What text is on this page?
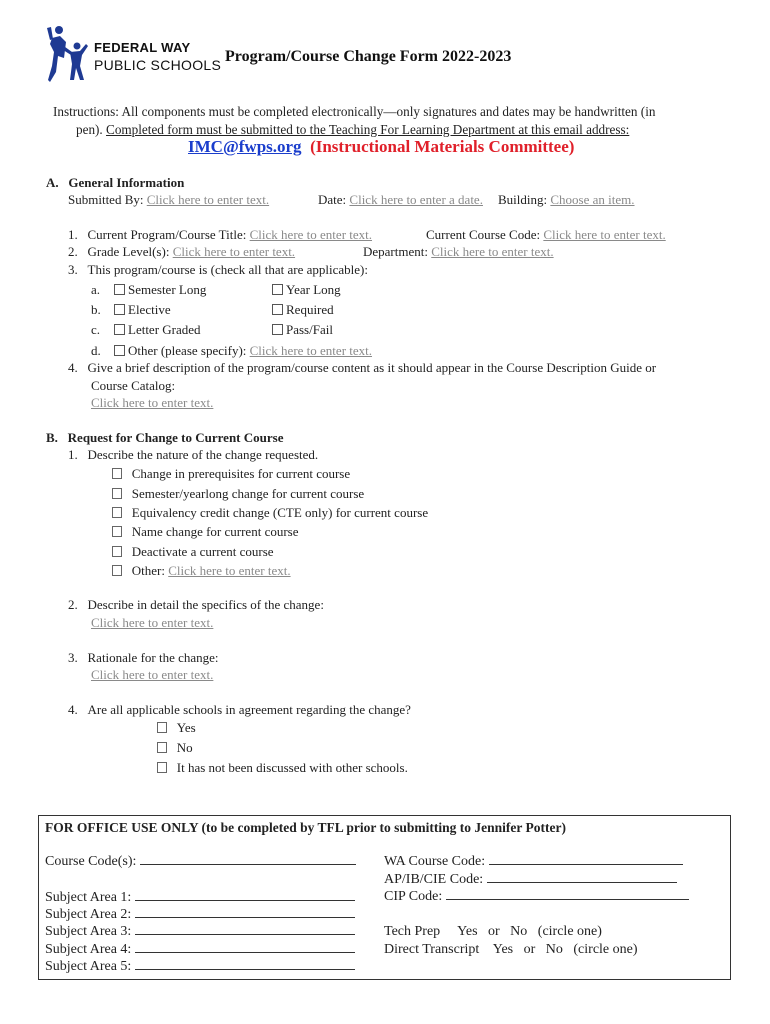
FEDERAL WAY
PUBLIC SCHOOLS Program/Course Change Form 2022-2023
Instructions: All components must be completed electronically—only signatures and dates may be handwritten (in
pen). Completed form must be submitted to the Teaching For Learning Department at this email address:
IMC@fwps.org (Instructional Materials Committee)
A. General Information
Submitted By: Click here to enter text.	Date: Click here to enter a date. Building: Choose an item.
1. Current Program/Course Title: Click here to enter text.	Current Course Code: Click here to enter text.
2. Grade Level(s): Click here to enter text.	Department: Click here to enter text.
3. This program/course is (check all that are applicable):
a.	Semester Long	Year Long
b.	Elective	Required
c.	Letter Graded	Pass/Fail
d.	Other (please specify): Click here to enter text.
4. Give a brief description of the program/course content as it should appear in the Course Description Guide or
Course Catalog:
Click here to enter text.
B. Request for Change to Current Course
1. Describe the nature of the change requested.
Change in prerequisites for current course
Semester/yearlong change for current course
Equivalency credit change (CTE only) for current course
Name change for current course
Deactivate a current course
Other: Click here to enter text.
2. Describe in detail the specifics of the change:
Click here to enter text.
3. Rationale for the change:
Click here to enter text.
4. Are all applicable schools in agreement regarding the change?
Yes
No
It has not been discussed with other schools.
FOR OFFICE USE ONLY (to be completed by TFL prior to submitting to Jennifer Potter)
Course Code(s):
Subject Area 1:
Subject Area 2:
Subject Area 3:
Subject Area 4:
Subject Area 5:
WA Course Code:
AP/IB/CIE Code:
CIP Code:
Tech Prep     Yes   or   No   (circle one)
Direct Transcript    Yes   or   No   (circle one)
